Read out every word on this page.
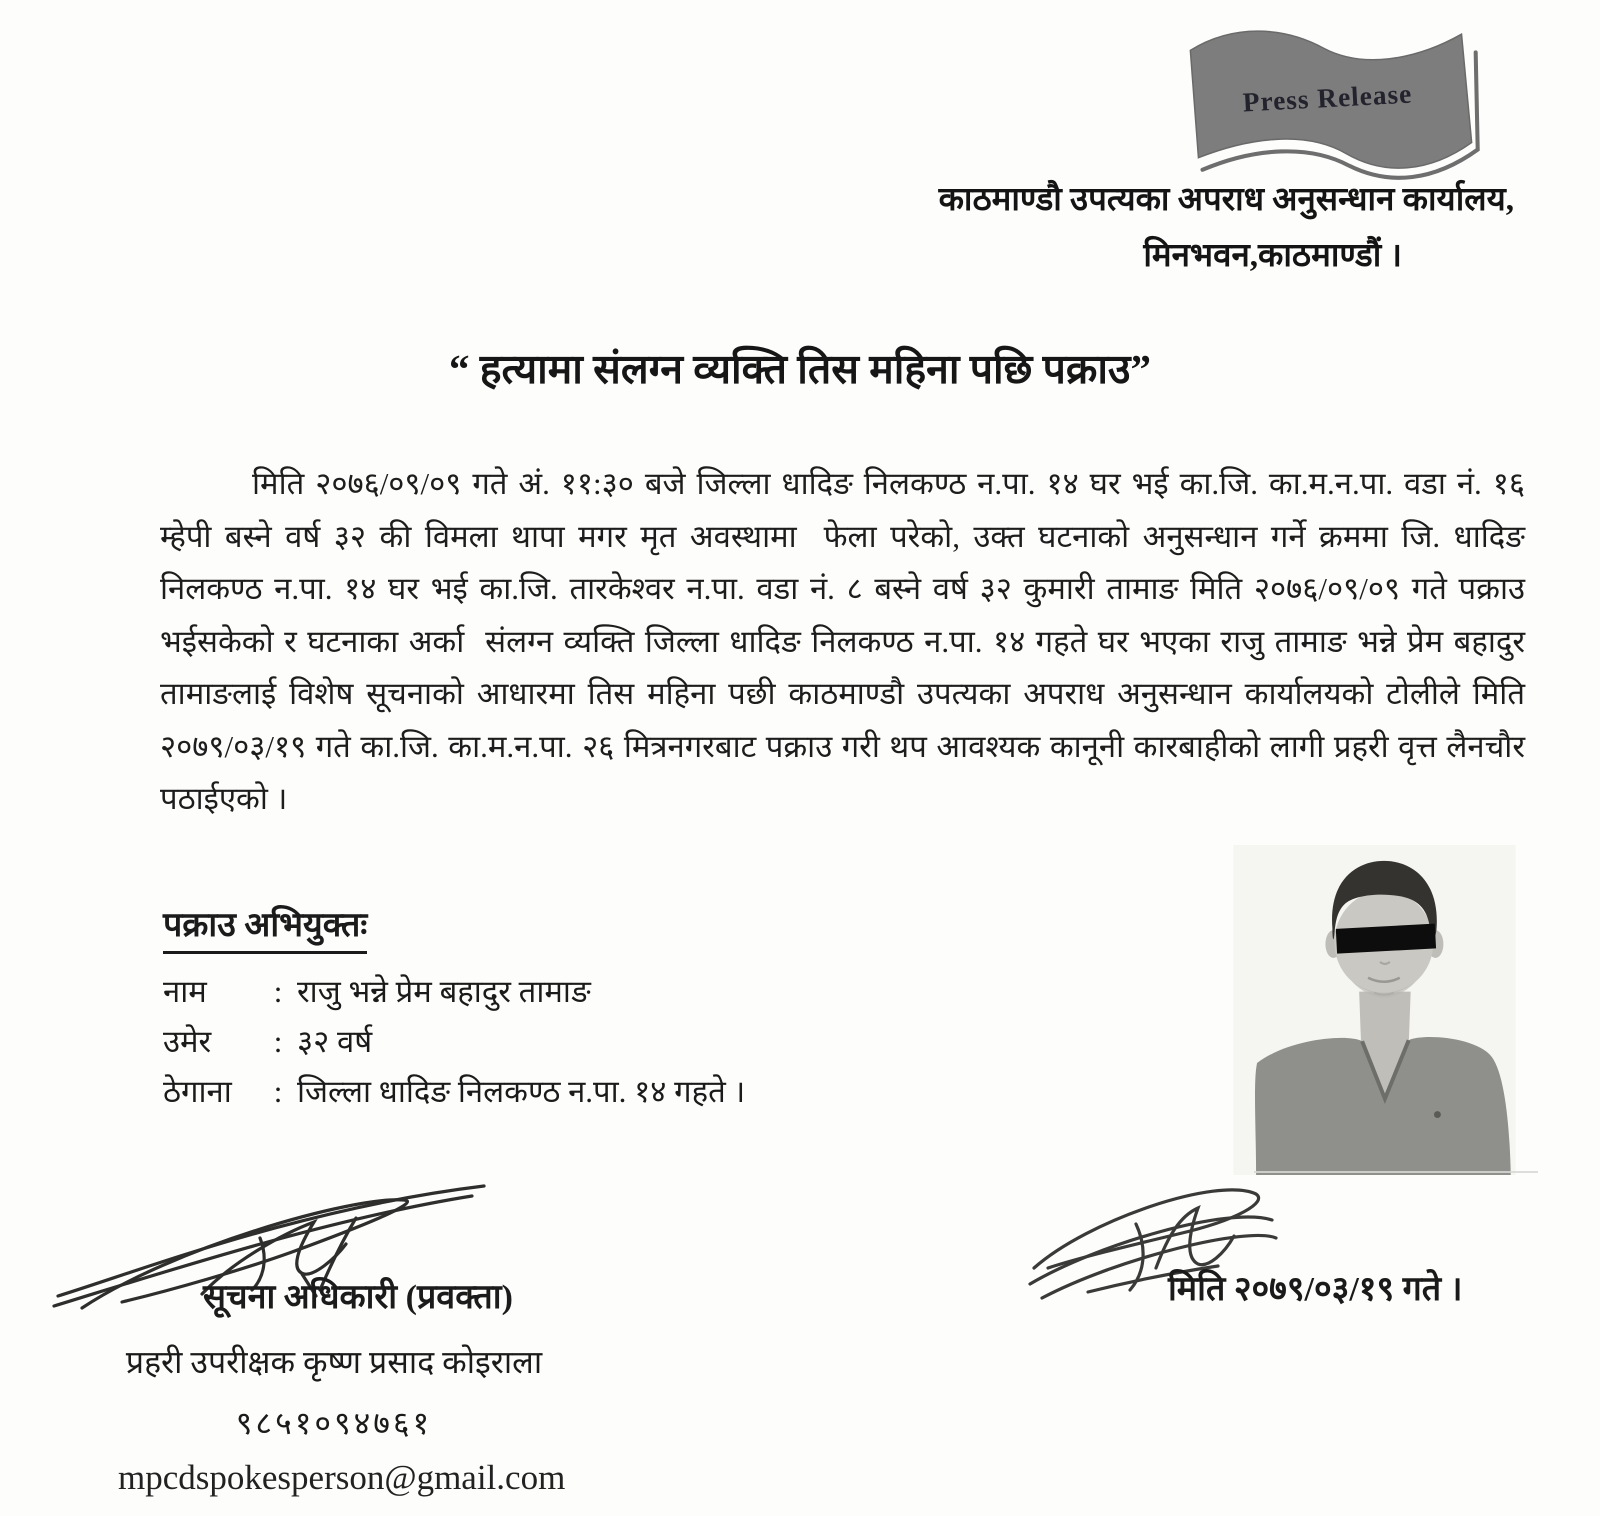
Press Release
काठमाण्डौ उपत्यका अपराध अनुसन्धान कार्यालय,
मिनभवन,काठमाण्डौं ।
“ हत्यामा संलग्न व्यक्ति तिस महिना पछि पक्राउ”

मिति २०७६/०९/०९ गते अं. ११:३० बजे जिल्ला धादिङ निलकण्ठ न.पा. १४ घर भई का.जि. का.म.न.पा. वडा नं. १६ म्हेपी बस्ने वर्ष ३२ की विमला थापा मगर मृत अवस्थामा  फेला परेको, उक्त घटनाको अनुसन्धान गर्ने क्रममा जि. धादिङ निलकण्ठ न.पा. १४ घर भई का.जि. तारकेश्वर न.पा. वडा नं. ८ बस्ने वर्ष ३२ कुमारी तामाङ मिति २०७६/०९/०९ गते पक्राउ भईसकेको र घटनाका अर्का  संलग्न व्यक्ति जिल्ला धादिङ निलकण्ठ न.पा. १४ गहते घर भएका राजु तामाङ भन्ने प्रेम बहादुर तामाङलाई विशेष सूचनाको आधारमा तिस महिना पछी काठमाण्डौ उपत्यका अपराध अनुसन्धान कार्यालयको टोलीले मिति २०७९/०३/१९ गते का.जि. का.म.न.पा. २६ मित्रनगरबाट पक्राउ गरी थप आवश्यक कानूनी कारबाहीको लागी प्रहरी वृत्त लैनचौर पठाईएको ।

पक्राउ अभियुक्तः
नाम	: राजु भन्ने प्रेम बहादुर तामाङ
उमेर	: ३२ वर्ष
ठेगाना	: जिल्ला धादिङ निलकण्ठ न.पा. १४ गहते ।
सूचना अधिकारी (प्रवक्ता)
प्रहरी उपरीक्षक कृष्ण प्रसाद कोइराला
९८५१०९४७६१
mpcdspokesperson@gmail.com
मिति २०७९/०३/१९ गते ।
